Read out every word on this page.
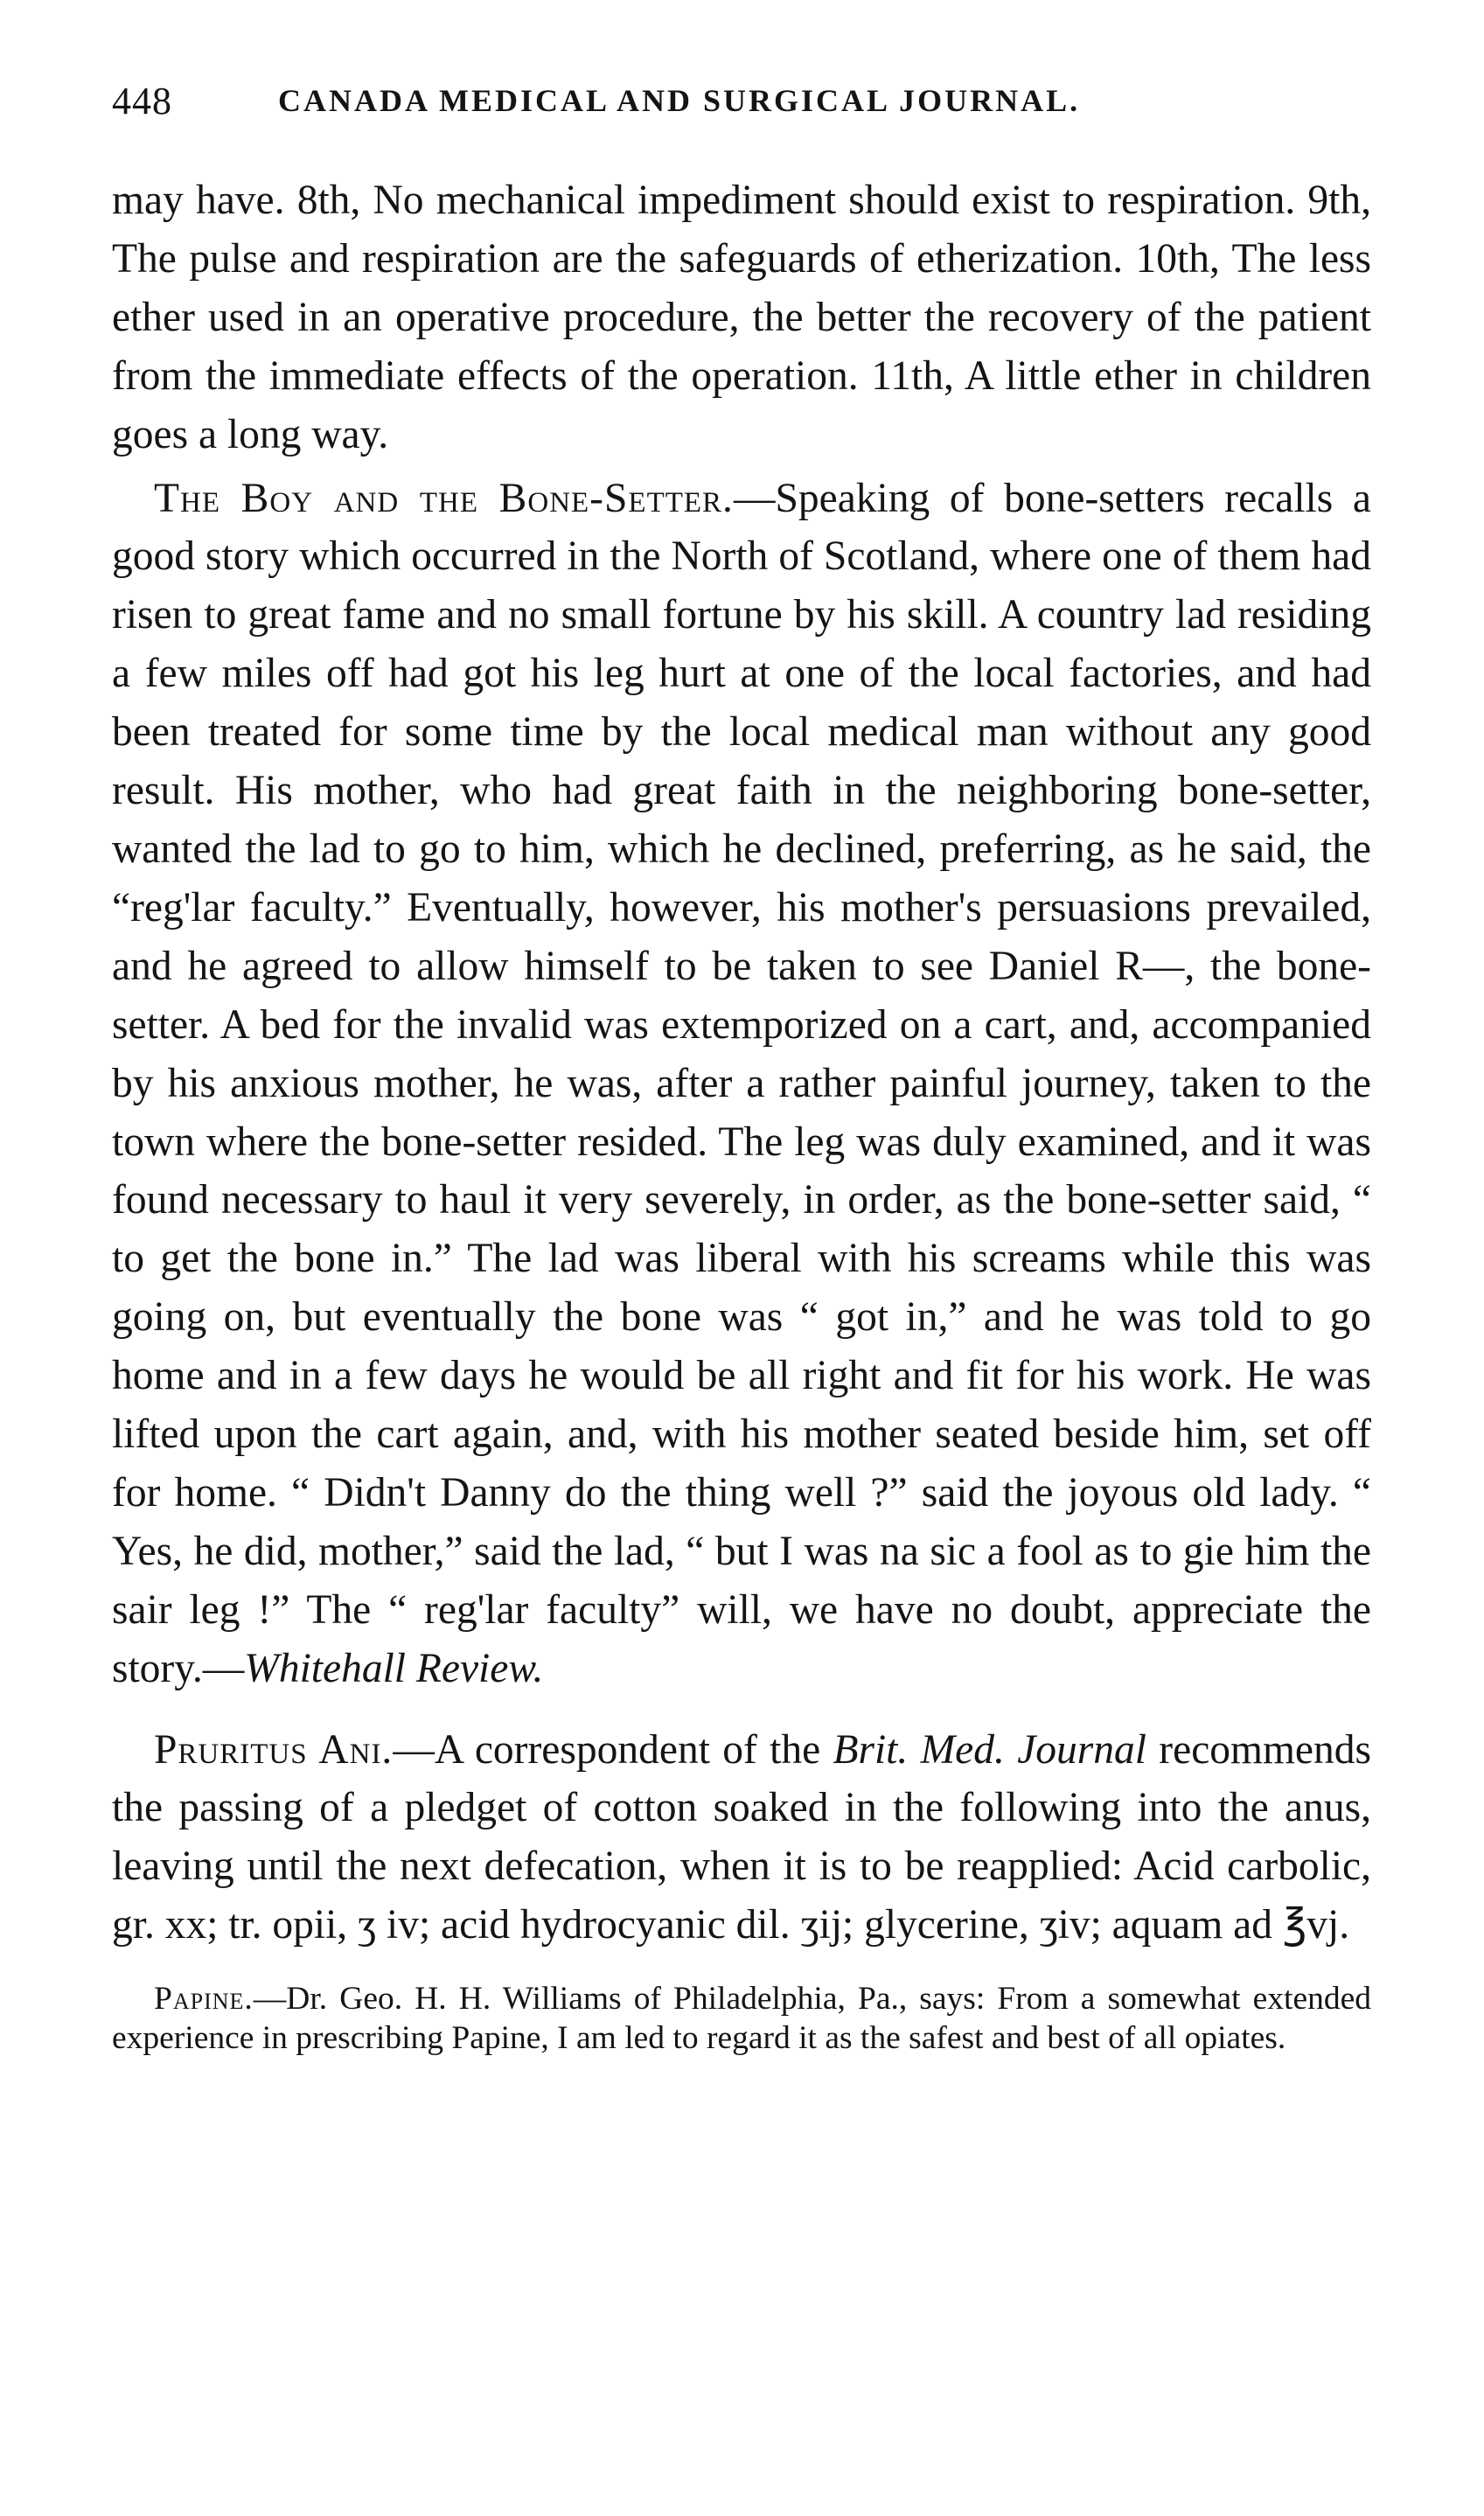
448	CANADA MEDICAL AND SURGICAL JOURNAL.

may have. 8th, No mechanical impediment should exist to respiration. 9th, The pulse and respiration are the safeguards of etherization. 10th, The less ether used in an operative procedure, the better the recovery of the patient from the immediate effects of the operation. 11th, A little ether in children goes a long way.

The Boy and the Bone-Setter.—Speaking of bone-setters recalls a good story which occurred in the North of Scotland, where one of them had risen to great fame and no small fortune by his skill. A country lad residing a few miles off had got his leg hurt at one of the local factories, and had been treated for some time by the local medical man without any good result. His mother, who had great faith in the neighboring bone-setter, wanted the lad to go to him, which he declined, preferring, as he said, the “reg'lar faculty.” Eventually, however, his mother's persuasions prevailed, and he agreed to allow himself to be taken to see Daniel R—, the bone-setter. A bed for the invalid was extemporized on a cart, and, accompanied by his anxious mother, he was, after a rather painful journey, taken to the town where the bone-setter resided. The leg was duly examined, and it was found necessary to haul it very severely, in order, as the bone-setter said, “ to get the bone in.” The lad was liberal with his screams while this was going on, but eventually the bone was “ got in,” and he was told to go home and in a few days he would be all right and fit for his work. He was lifted upon the cart again, and, with his mother seated beside him, set off for home. “ Didn't Danny do the thing well ?” said the joyous old lady. “ Yes, he did, mother,” said the lad, “ but I was na sic a fool as to gie him the sair leg !” The “ reg'lar faculty” will, we have no doubt, appreciate the story.—Whitehall Review.

Pruritus Ani.—A correspondent of the Brit. Med. Journal recommends the passing of a pledget of cotton soaked in the following into the anus, leaving until the next defecation, when it is to be reapplied: Acid carbolic, gr. xx; tr. opii, ʒ iv; acid hydrocyanic dil. ʒij; glycerine, ʒiv; aquam ad ℥vj.

Papine.—Dr. Geo. H. H. Williams of Philadelphia, Pa., says: From a somewhat extended experience in prescribing Papine, I am led to regard it as the safest and best of all opiates.
